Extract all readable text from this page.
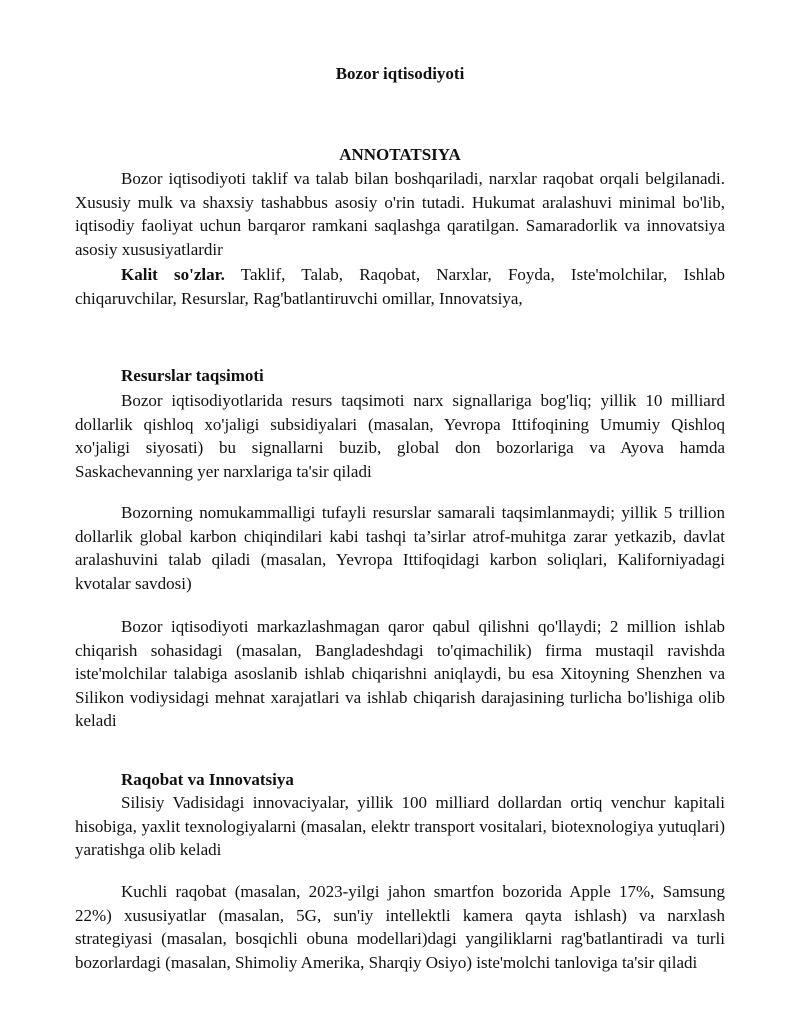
Bozor iqtisodiyoti
ANNOTATSIYA

Bozor iqtisodiyoti taklif va talab bilan boshqariladi, narxlar raqobat orqali belgilanadi. Xususiy mulk va shaxsiy tashabbus asosiy o'rin tutadi. Hukumat aralashuvi minimal bo'lib, iqtisodiy faoliyat uchun barqaror ramkani saqlashga qaratilgan. Samaradorlik va innovatsiya asosiy xususiyatlardir

Kalit so'zlar. Taklif, Talab, Raqobat, Narxlar, Foyda, Iste'molchilar, Ishlab chiqaruvchilar, Resurslar, Rag'batlantiruvchi omillar, Innovatsiya,

Resurslar taqsimoti

Bozor iqtisodiyotlarida resurs taqsimoti narx signallariga bog'liq; yillik 10 milliard dollarlik qishloq xo'jaligi subsidiyalari (masalan, Yevropa Ittifoqining Umumiy Qishloq xo'jaligi siyosati) bu signallarni buzib, global don bozorlariga va Ayova hamda Saskachevanning yer narxlariga ta'sir qiladi

Bozorning nomukammalligi tufayli resurslar samarali taqsimlanmaydi; yillik 5 trillion dollarlik global karbon chiqindilari kabi tashqi ta’sirlar atrof-muhitga zarar yetkazib, davlat aralashuvini talab qiladi (masalan, Yevropa Ittifoqidagi karbon soliqlari, Kaliforniyadagi kvotalar savdosi)

Bozor iqtisodiyoti markazlashmagan qaror qabul qilishni qo'llaydi; 2 million ishlab chiqarish sohasidagi (masalan, Bangladeshdagi to'qimachilik) firma mustaqil ravishda iste'molchilar talabiga asoslanib ishlab chiqarishni aniqlaydi, bu esa Xitoyning Shenzhen va Silikon vodiysidagi mehnat xarajatlari va ishlab chiqarish darajasining turlicha bo'lishiga olib keladi

Raqobat va Innovatsiya

Silisiy Vadisidagi innovaciyalar, yillik 100 milliard dollardan ortiq venchur kapitali hisobiga, yaxlit texnologiyalarni (masalan, elektr transport vositalari, biotexnologiya yutuqlari) yaratishga olib keladi

Kuchli raqobat (masalan, 2023-yilgi jahon smartfon bozorida Apple 17%, Samsung 22%) xususiyatlar (masalan, 5G, sun'iy intellektli kamera qayta ishlash) va narxlash strategiyasi (masalan, bosqichli obuna modellari)dagi yangiliklarni rag'batlantiradi va turli bozorlardagi (masalan, Shimoliy Amerika, Sharqiy Osiyo) iste'molchi tanloviga ta'sir qiladi
